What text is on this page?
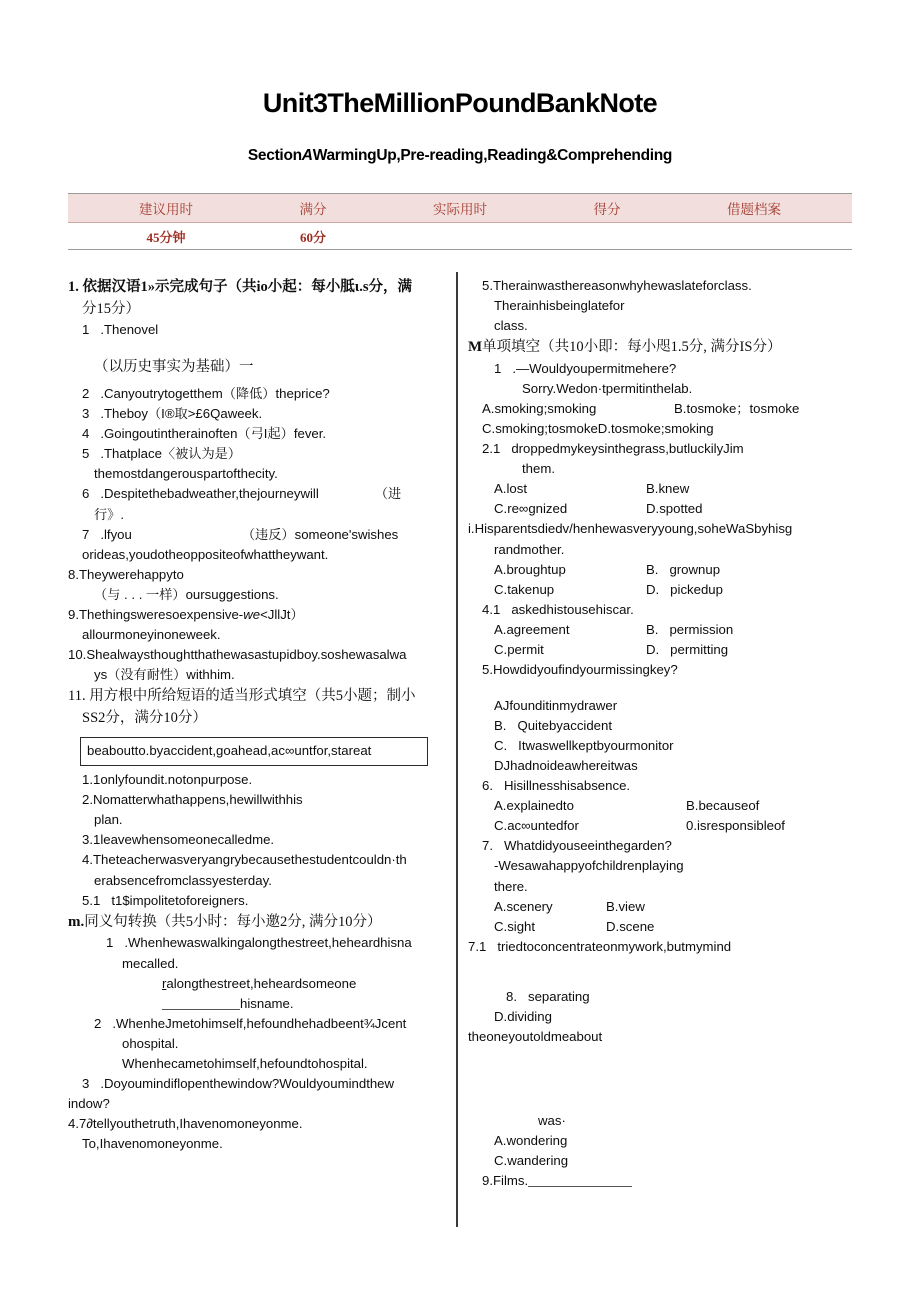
Unit3TheMillionPoundBankNote
SectionAWarmingUp,Pre-reading,Reading&Comprehending
建议用时	满分	实际用时	得分	借题档案
45分钟	60分			
1. 依据汉语1»示完成句子（共io小起：每小胝ι.s分，满
分15分）
1   .Thenovel
（以历史事实为基础）一
2   .Canyoutrytogetthem（降低）theprice?
3   .Theboy（I®取>£6Qaweek.
4   .Goingoutintherainoften（弓I起）fever.
5   .Thatplace〈被认为是）
themostdangerouspartofthecity.
6   .Despitethebadweather,thejourneywill	（进
行》.
7   .lfyou	（违反）someone'swishes
orideas,youdotheoppositeofwhattheywant.
8.Theywerehappyto
（与 . . . 一样）oursuggestions.
9.Thethingsweresoexpensive-we<JllJt）
allourmoneyinoneweek.
10.Shealwaysthoughtthathewasastupidboy.soshewasalwa
ys（没有耐性）withhim.
11. 用方根中所给短语的适当形式填空（共5小题；制小
SS2分，满分10分）
beaboutto.byaccident,goahead,ac∞untfor,stareat
1.1onlyfoundit.notonpurpose.
2.Nomatterwhathappens,hewillwithhis
plan.
3.1leavewhensomeonecalledme.
4.Theteacherwasveryangrybecausethestudentcouldn·th
erabsencefromclassyesterday.
5.1   t1$impolitetoforeigners.
m.同义句转换（共5小时：每小邀2分, 满分10分）
1   .Whenhewaswalkingalongthestreet,heheardhisna
mecalled.
ralongthestreet,heheardsomeone
hisname.
2   .WhenheJmetohimself,hefoundhehadbeent¾Jcent
ohospital.
Whenhecametohimself,hefoundtohospital.
3   .Doyoumindiflopenthewindow?Wouldyoumindthew
indow?
4.7∂tellyouthetruth,Ihavenomoneyonme.
To,Ihavenomoneyonme.
5.Therainwasthereasonwhyhewaslateforclass.
Therainhisbeinglatefor
class.
M单项填空（共10小即：每小咫1.5分, 满分IS分）
1   .—Wouldyoupermitmehere?
Sorry.Wedon·tpermitinthelab.
A.smoking;smoking	B.tosmoke；tosmoke
C.smoking;tosmokeD.tosmoke;smoking
2.1   droppedmykeysinthegrass,butluckilyJim
them.
A.lost	B.knew
C.re∞gnized	D.spotted
i.Hisparentsdiedv/henhewasveryyoung,soheWaSbyhisg
randmother.
A.broughtup	B.   grownup
C.takenup	D.   pickedup
4.1   askedhistousehiscar.
A.agreement	B.   permission
C.permit	D.   permitting
5.Howdidyoufindyourmissingkey?
AJfounditinmydrawer
B.   Quitebyaccident
C.   Itwaswellkeptbyourmonitor
DJhadnoideawhereitwas
6.   Hisillnesshisabsence.
A.explainedto	B.becauseof
C.ac∞untedfor	0.isresponsibleof
7.   Whatdidyouseeinthegarden?
-Wesawahappyofchildrenplaying
there.
A.scenery	B.view
C.sight	D.scene
7.1   triedtoconcentrateonmywork,butmymind
8.   separating
D.dividing
theoneyoutoldmeabout
was·
A.wondering
C.wandering
9.Films.
